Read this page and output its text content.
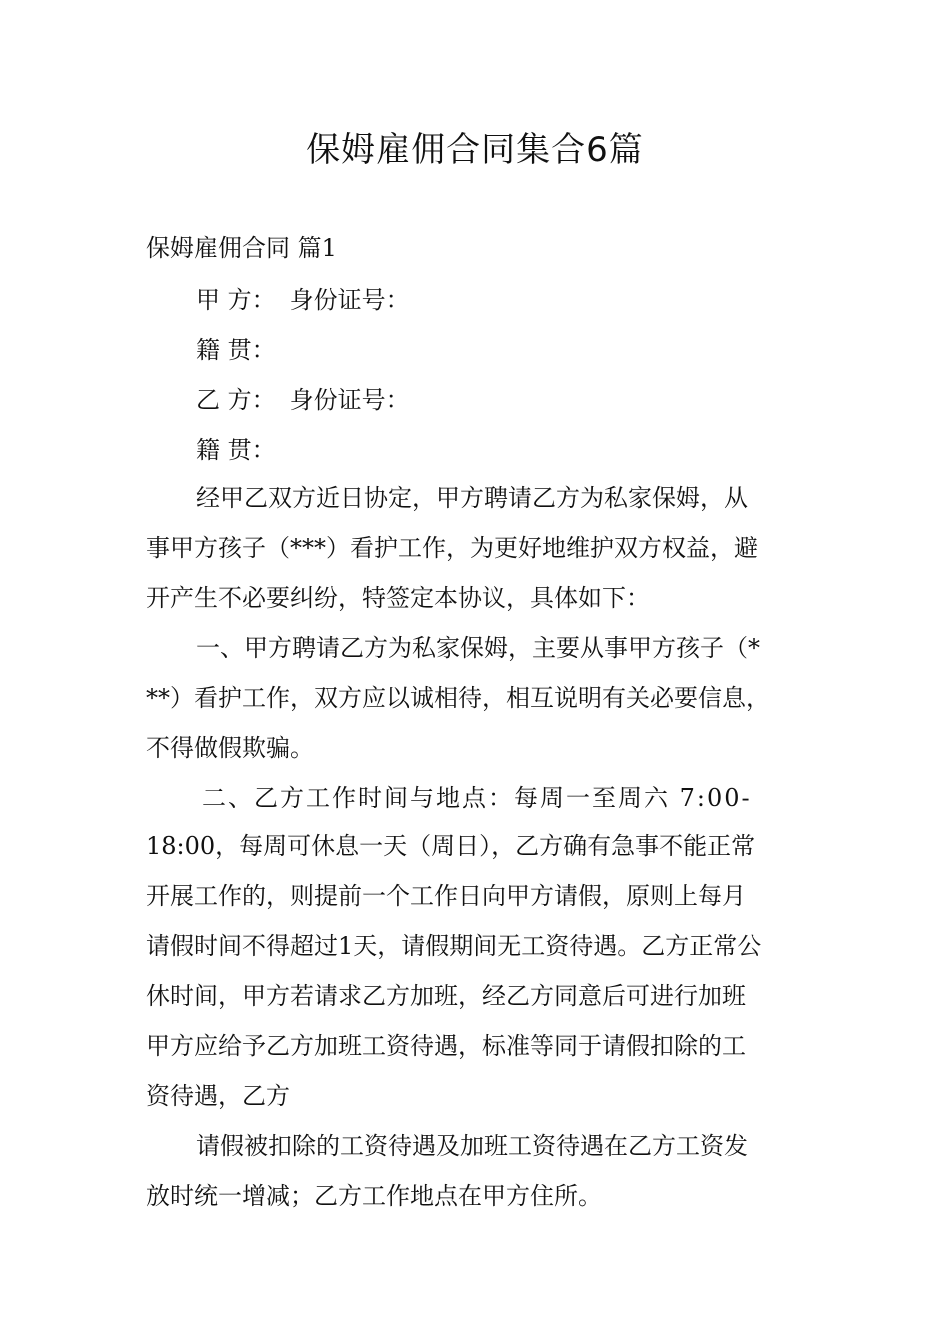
保姆雇佣合同集合6篇

保姆雇佣合同 篇1

甲 方： 身份证号：

籍 贯：

乙 方： 身份证号：

籍 贯：

经甲乙双方近日协定，甲方聘请乙方为私家保姆，从

事甲方孩子（***）看护工作，为更好地维护双方权益，避

开产生不必要纠纷，特签定本协议，具体如下：

一、甲方聘请乙方为私家保姆，主要从事甲方孩子（*

**）看护工作，双方应以诚相待，相互说明有关必要信息，

不得做假欺骗。

二、乙方工作时间与地点：每周一至周六 7:00-

18:00，每周可休息一天（周日），乙方确有急事不能正常

开展工作的，则提前一个工作日向甲方请假，原则上每月

请假时间不得超过1天，请假期间无工资待遇。乙方正常公

休时间，甲方若请求乙方加班，经乙方同意后可进行加班

甲方应给予乙方加班工资待遇，标准等同于请假扣除的工

资待遇，乙方

请假被扣除的工资待遇及加班工资待遇在乙方工资发

放时统一增减；乙方工作地点在甲方住所。
